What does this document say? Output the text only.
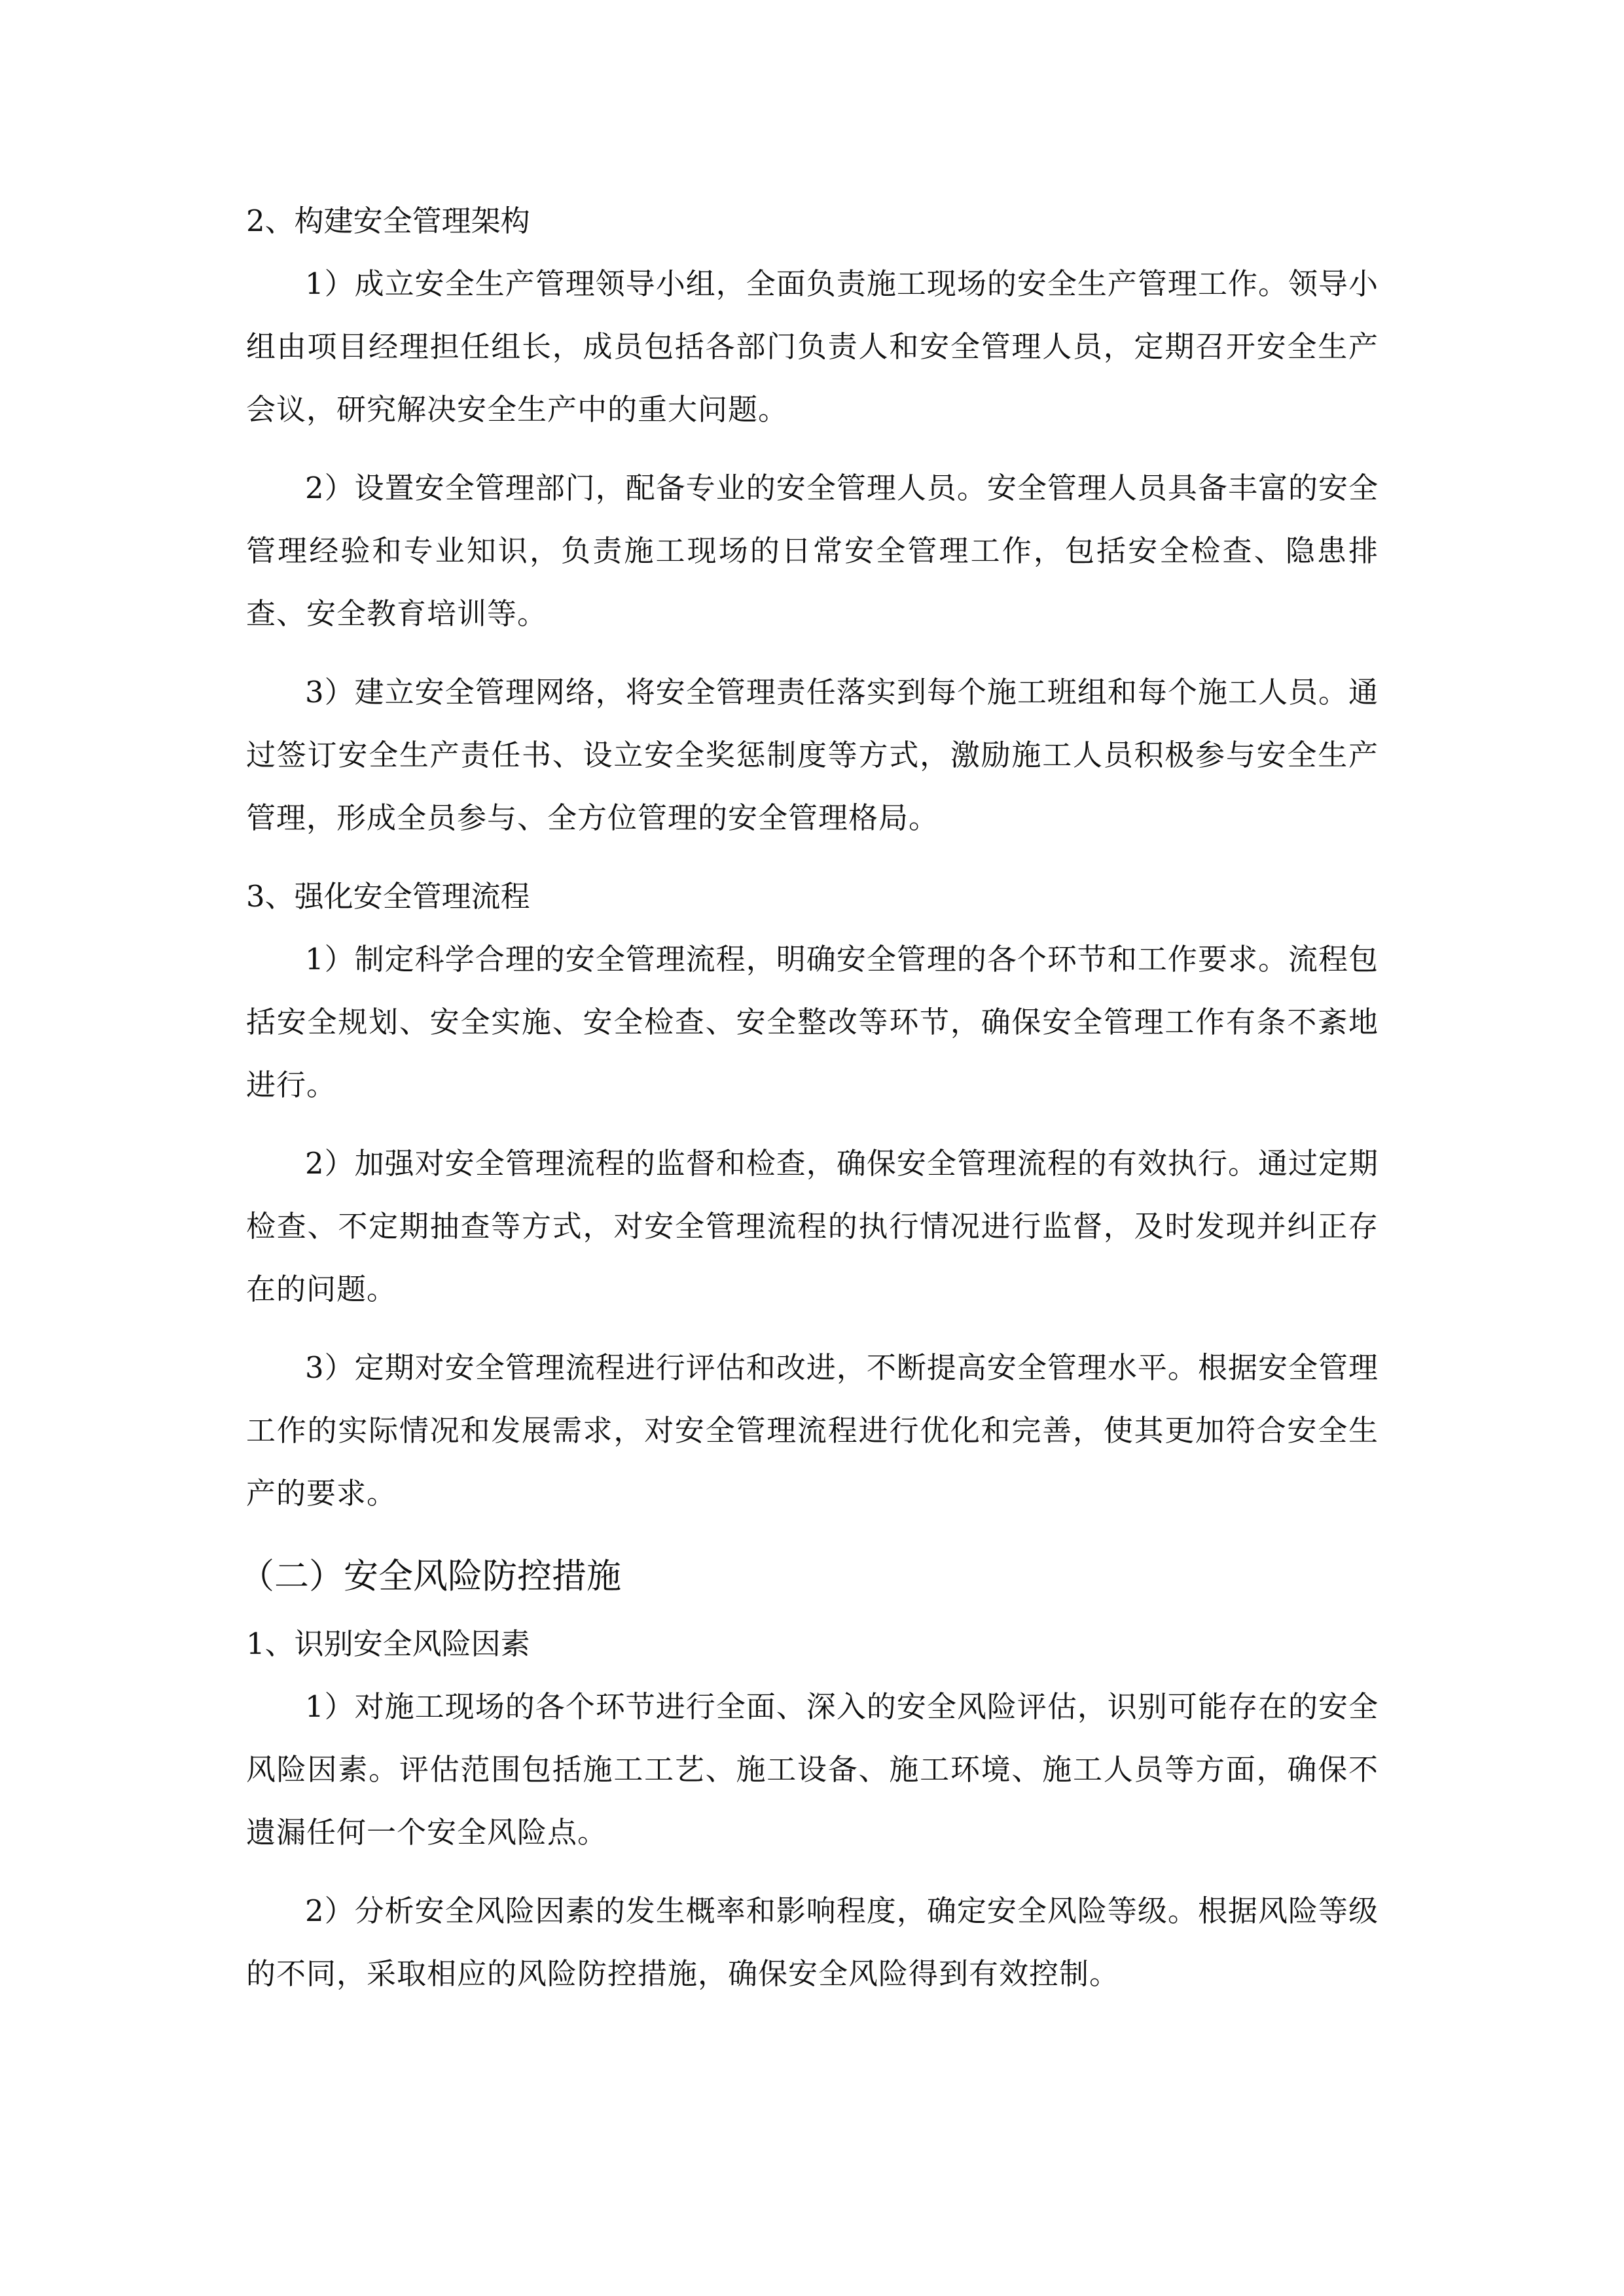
2、构建安全管理架构

1）成立安全生产管理领导小组，全面负责施工现场的安全生产管理工作。领导小组由项目经理担任组长，成员包括各部门负责人和安全管理人员，定期召开安全生产会议，研究解决安全生产中的重大问题。

2）设置安全管理部门，配备专业的安全管理人员。安全管理人员具备丰富的安全管理经验和专业知识，负责施工现场的日常安全管理工作，包括安全检查、隐患排查、安全教育培训等。

3）建立安全管理网络，将安全管理责任落实到每个施工班组和每个施工人员。通过签订安全生产责任书、设立安全奖惩制度等方式，激励施工人员积极参与安全生产管理，形成全员参与、全方位管理的安全管理格局。

3、强化安全管理流程

1）制定科学合理的安全管理流程，明确安全管理的各个环节和工作要求。流程包括安全规划、安全实施、安全检查、安全整改等环节，确保安全管理工作有条不紊地进行。

2）加强对安全管理流程的监督和检查，确保安全管理流程的有效执行。通过定期检查、不定期抽查等方式，对安全管理流程的执行情况进行监督，及时发现并纠正存在的问题。

3）定期对安全管理流程进行评估和改进，不断提高安全管理水平。根据安全管理工作的实际情况和发展需求，对安全管理流程进行优化和完善，使其更加符合安全生产的要求。

（二）安全风险防控措施

1、识别安全风险因素

1）对施工现场的各个环节进行全面、深入的安全风险评估，识别可能存在的安全风险因素。评估范围包括施工工艺、施工设备、施工环境、施工人员等方面，确保不遗漏任何一个安全风险点。

2）分析安全风险因素的发生概率和影响程度，确定安全风险等级。根据风险等级的不同，采取相应的风险防控措施，确保安全风险得到有效控制。
